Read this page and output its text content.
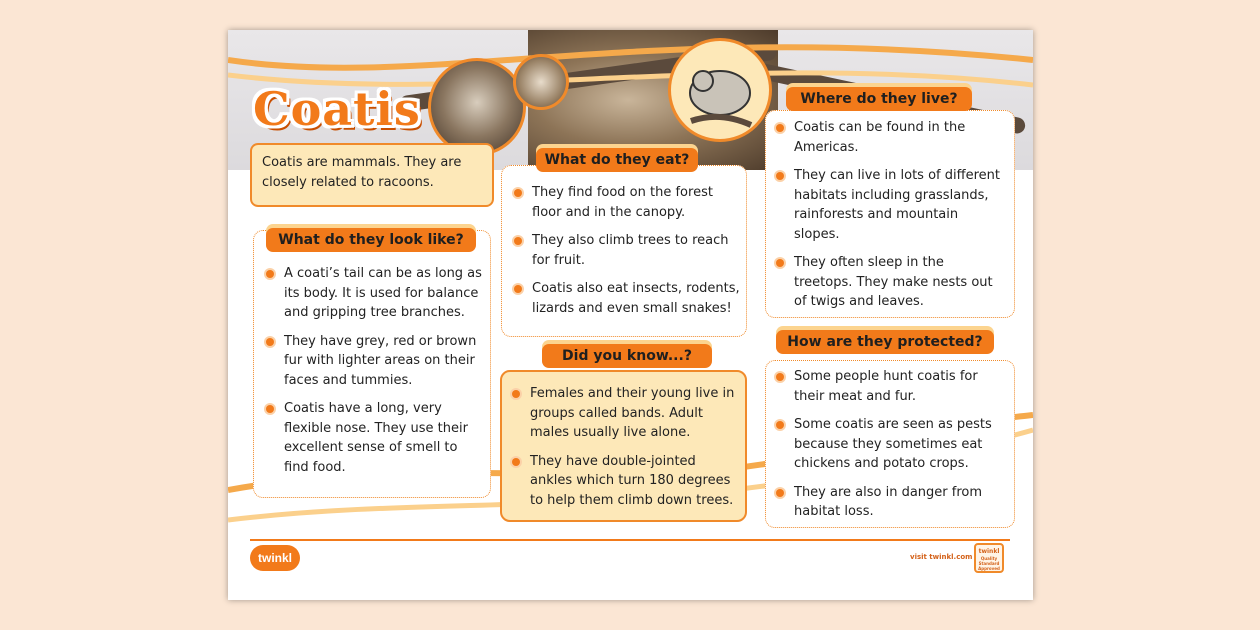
Coatis
Coatis are mammals. They are closely related to racoons.
What do they look like?
A coati’s tail can be as long as its body. It is used for balance and gripping tree branches.
They have grey, red or brown fur with lighter areas on their faces and tummies.
Coatis have a long, very flexible nose. They use their excellent sense of smell to find food.
What do they eat?
They find food on the forest floor and in the canopy.
They also climb trees to reach for fruit.
Coatis also eat insects, rodents, lizards and even small snakes!
Did you know...?
Females and their young live in groups called bands. Adult males usually live alone.
They have double-jointed ankles which turn 180 degrees to help them climb down trees.
Where do they live?
Coatis can be found in the Americas.
They can live in lots of different habitats including grasslands, rainforests and mountain slopes.
They often sleep in the treetops. They make nests out of twigs and leaves.
How are they protected?
Some people hunt coatis for their meat and fur.
Some coatis are seen as pests because they sometimes eat chickens and potato crops.
They are also in danger from habitat loss.
twinkl	visit twinkl.com
twinkl
Quality Standard Approved
